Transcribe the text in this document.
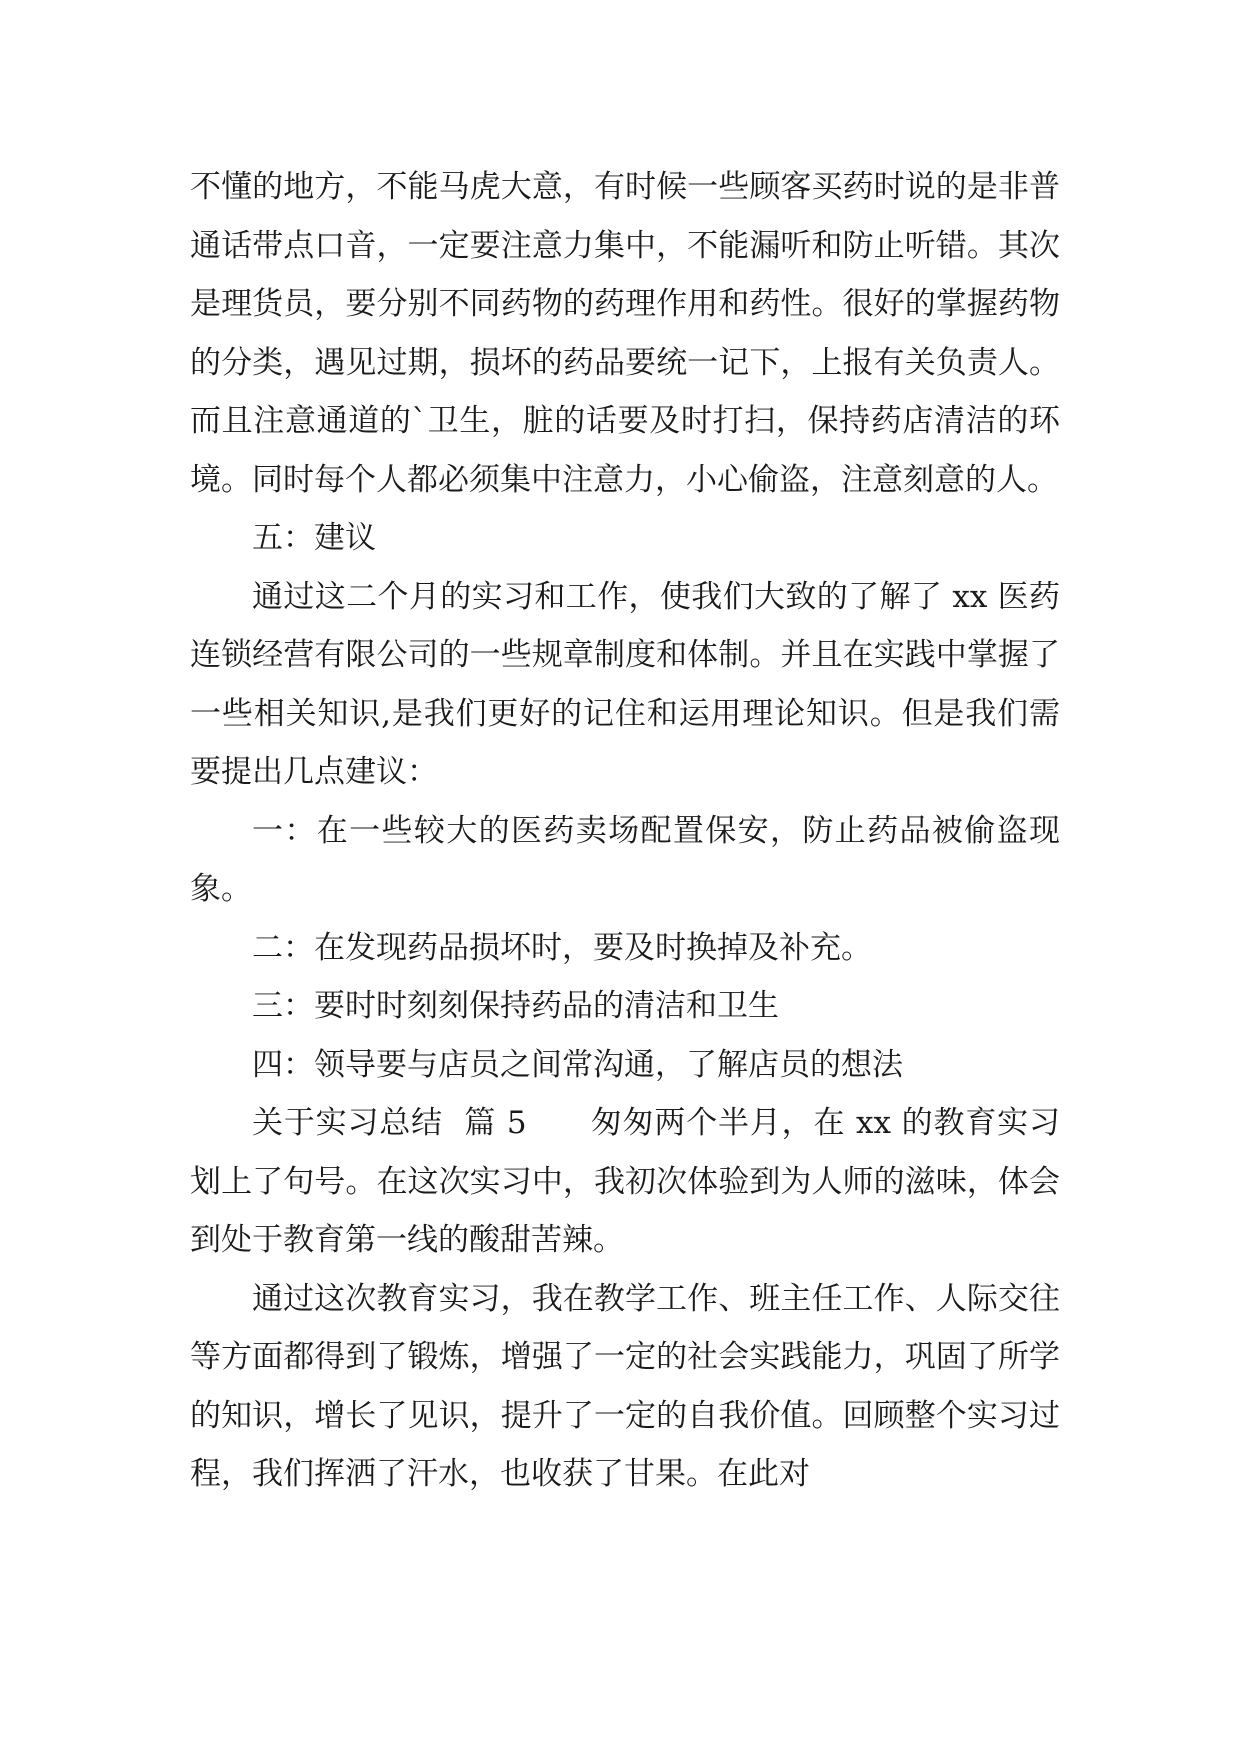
不懂的地方，不能马虎大意，有时候一些顾客买药时说的是非普通话带点口音，一定要注意力集中，不能漏听和防止听错。其次是理货员，要分别不同药物的药理作用和药性。很好的掌握药物的分类，遇见过期，损坏的药品要统一记下，上报有关负责人。而且注意通道的`卫生，脏的话要及时打扫，保持药店清洁的环境。同时每个人都必须集中注意力，小心偷盗，注意刻意的人。

五：建议

通过这二个月的实习和工作，使我们大致的了解了 xx 医药连锁经营有限公司的一些规章制度和体制。并且在实践中掌握了一些相关知识,是我们更好的记住和运用理论知识。但是我们需要提出几点建议：

一：在一些较大的医药卖场配置保安，防止药品被偷盗现象。

二：在发现药品损坏时，要及时换掉及补充。

三：要时时刻刻保持药品的清洁和卫生

四：领导要与店员之间常沟通，了解店员的想法

关于实习总结  篇 5 匆匆两个半月，在 xx 的教育实习划上了句号。在这次实习中，我初次体验到为人师的滋味，体会到处于教育第一线的酸甜苦辣。

通过这次教育实习，我在教学工作、班主任工作、人际交往等方面都得到了锻炼，增强了一定的社会实践能力，巩固了所学的知识，增长了见识，提升了一定的自我价值。回顾整个实习过程，我们挥洒了汗水，也收获了甘果。在此对
